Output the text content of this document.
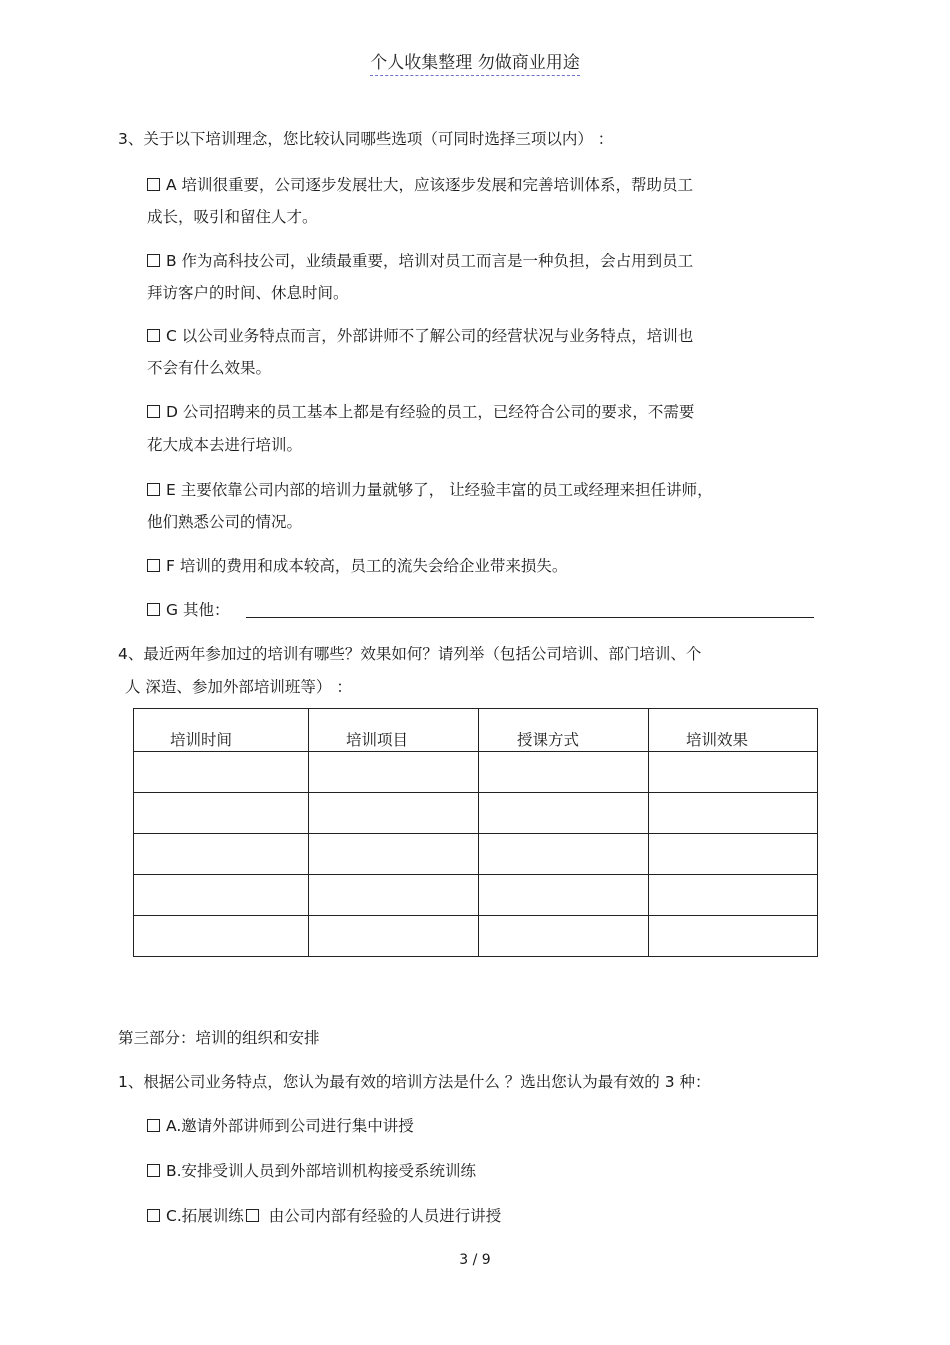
个人收集整理 勿做商业用途
3、关于以下培训理念，您比较认同哪些选项（可同时选择三项以内） ：
A 培训很重要，公司逐步发展壮大，应该逐步发展和完善培训体系，帮助员工
成长，吸引和留住人才。
B 作为高科技公司，业绩最重要，培训对员工而言是一种负担，会占用到员工
拜访客户的时间、休息时间。
C 以公司业务特点而言，外部讲师不了解公司的经营状况与业务特点，培训也
不会有什么效果。
D 公司招聘来的员工基本上都是有经验的员工，已经符合公司的要求，不需要
花大成本去进行培训。
E 主要依靠公司内部的培训力量就够了， 让经验丰富的员工或经理来担任讲师，
他们熟悉公司的情况。
F 培训的费用和成本较高，员工的流失会给企业带来损失。
G 其他：
4、最近两年参加过的培训有哪些？效果如何？请列举（包括公司培训、部门培训、个
人 深造、参加外部培训班等） ：
培训时间	培训项目	授课方式	培训效果

第三部分：培训的组织和安排
1、根据公司业务特点，您认为最有效的培训方法是什么 ？选出您认为最有效的 3 种：
A.邀请外部讲师到公司进行集中讲授
B.安排受训人员到外部培训机构接受系统训练
C.拓展训练 由公司内部有经验的人员进行讲授
3 / 9
